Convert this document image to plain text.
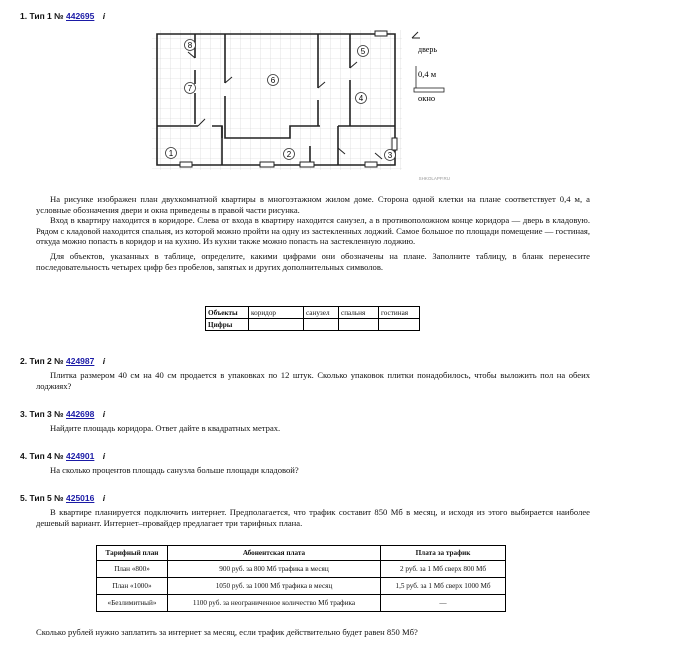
1. Тип 1 № 442695 i
8
5
6
7
4
1	2	3
дверь
0,4 м
окно
SHKOLAPP.RU
На рисунке изображен план двухкомнатной квартиры в многоэтажном жилом доме. Сторона одной клетки на плане соответствует 0,4 м, а условные обозначения двери и окна приведены в правой части рисунка.
Вход в квартиру находится в коридоре. Слева от входа в квартиру находится санузел, а в противоположном конце коридора — дверь в кладовую. Рядом с кладовой находится спальня, из которой можно пройти на одну из застекленных лоджий. Самое большое по площади помещение — гостиная, откуда можно попасть в коридор и на кухню. Из кухни также можно попасть на застекленную лоджию.
Для объектов, указанных в таблице, определите, какими цифрами они обозначены на плане. Заполните таблицу, в бланк перенесите последовательность четырех цифр без пробелов, запятых и других дополнительных символов.
Объекты	коридор	санузел	спальня	гостиная
Цифры				
2. Тип 2 № 424987 i
Плитка размером 40 см на 40 см продается в упаковках по 12 штук. Сколько упаковок плитки понадобилось, чтобы выложить пол на обеих лоджиях?
3. Тип 3 № 442698 i
Найдите площадь коридора. Ответ дайте в квадратных метрах.
4. Тип 4 № 424901 i
На сколько процентов площадь санузла больше площади кладовой?
5. Тип 5 № 425016 i
В квартире планируется подключить интернет. Предполагается, что трафик составит 850 Мб в месяц, и исходя из этого выбирается наиболее дешевый вариант. Интернет–провайдер предлагает три тарифных плана.
Тарифный план	Абонентская плата	Плата за трафик
План «800»	900 руб. за 800 Мб трафика в месяц	2 руб. за 1 Мб сверх 800 Мб
План «1000»	1050 руб. за 1000 Мб трафика в месяц	1,5 руб. за 1 Мб сверх 1000 Мб
«Безлимитный»	1100 руб. за неограниченное количество Мб трафика	—
Сколько рублей нужно заплатить за интернет за месяц, если трафик действительно будет равен 850 Мб?
